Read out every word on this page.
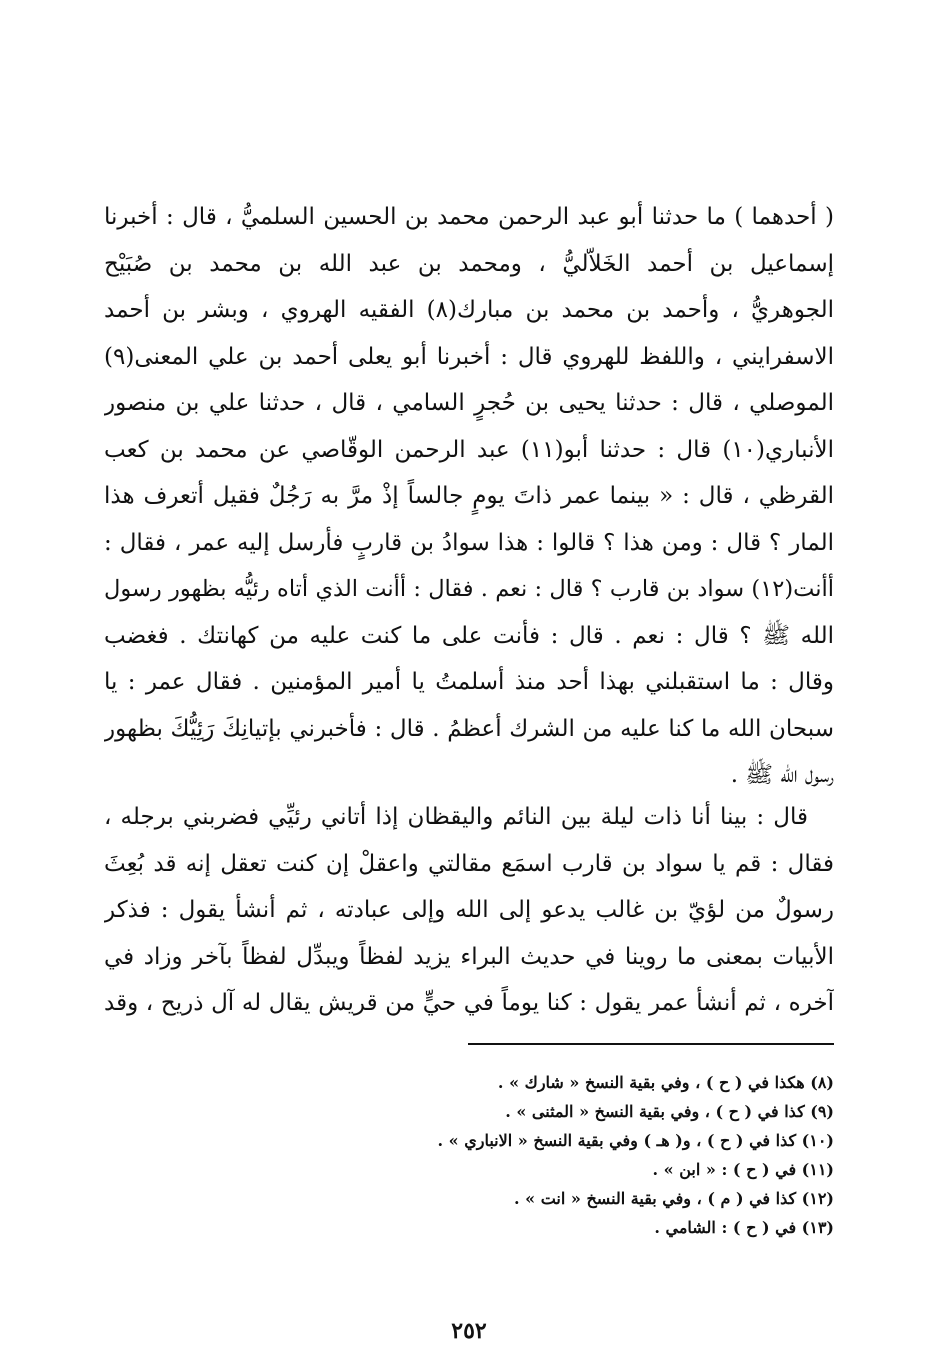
( أحدهما ) ما حدثنا أبو عبد الرحمن محمد بن الحسين السلميُّ ، قال : أخبرنا
إسماعيل بن أحمد الخَلاّليُّ ، ومحمد بن عبد الله بن محمد بن صُبَيْح
الجوهريُّ ، وأحمد بن محمد بن مبارك(٨) الفقيه الهروي ، وبشر بن أحمد
الاسفرايني ، واللفظ للهروي قال : أخبرنا أبو يعلى أحمد بن علي المعنى(٩)
الموصلي ، قال : حدثنا يحيى بن حُجرٍ السامي ، قال ، حدثنا علي بن منصور
الأنباري(١٠) قال : حدثنا أبو(١١) عبد الرحمن الوقّاصي عن محمد بن كعب
القرظي ، قال : « بينما عمر ذاتَ يومٍ جالساً إذْ مرَّ به رَجُلٌ فقيل أتعرف هذا
المار ؟ قال : ومن هذا ؟ قالوا : هذا سوادُ بن قاربٍ فأرسل إليه عمر ، فقال :
أأنت(١٢) سواد بن قارب ؟ قال : نعم . فقال : أأنت الذي أتاه رئيُّه بظهور رسول
الله ﷺ ؟ قال : نعم . قال : فأنت على ما كنت عليه من كهانتك . فغضب
وقال : ما استقبلني بهذا أحد منذ أسلمتُ يا أمير المؤمنين . فقال عمر : يا
سبحان الله ما كنا عليه من الشرك أعظمُ . قال : فأخبرني بإتيانِكَ رَئِيُّكَ بظهور
رسول الله ﷺ .
قال : بينا أنا ذات ليلة بين النائم واليقظان إذا أتاني رئيِّي فضربني برجله ،
فقال : قم يا سواد بن قارب اسمَع مقالتي واعقلْ إن كنت تعقل إنه قد بُعِثَ
رسولٌ من لؤيّ بن غالب يدعو إلى الله وإلى عبادته ، ثم أنشأ يقول : فذكر
الأبيات بمعنى ما روينا في حديث البراء يزيد لفظاً ويبدِّل لفظاً بآخر وزاد في
آخره ، ثم أنشأ عمر يقول : كنا يوماً في حيٍّ من قريش يقال له آل ذريح ، وقد
(٨) هكذا في ( ح ) ، وفي بقية النسخ « شارك » .
(٩) كذا في ( ح ) ، وفي بقية النسخ « المثنى » .
(١٠) كذا في ( ح ) ، و( هـ ) وفي بقية النسخ « الانباري » .
(١١) في ( ح ) : « ابن » .
(١٢) كذا في ( م ) ، وفي بقية النسخ « انت » .
(١٣) في ( ح ) : الشامي .
٢٥٢
